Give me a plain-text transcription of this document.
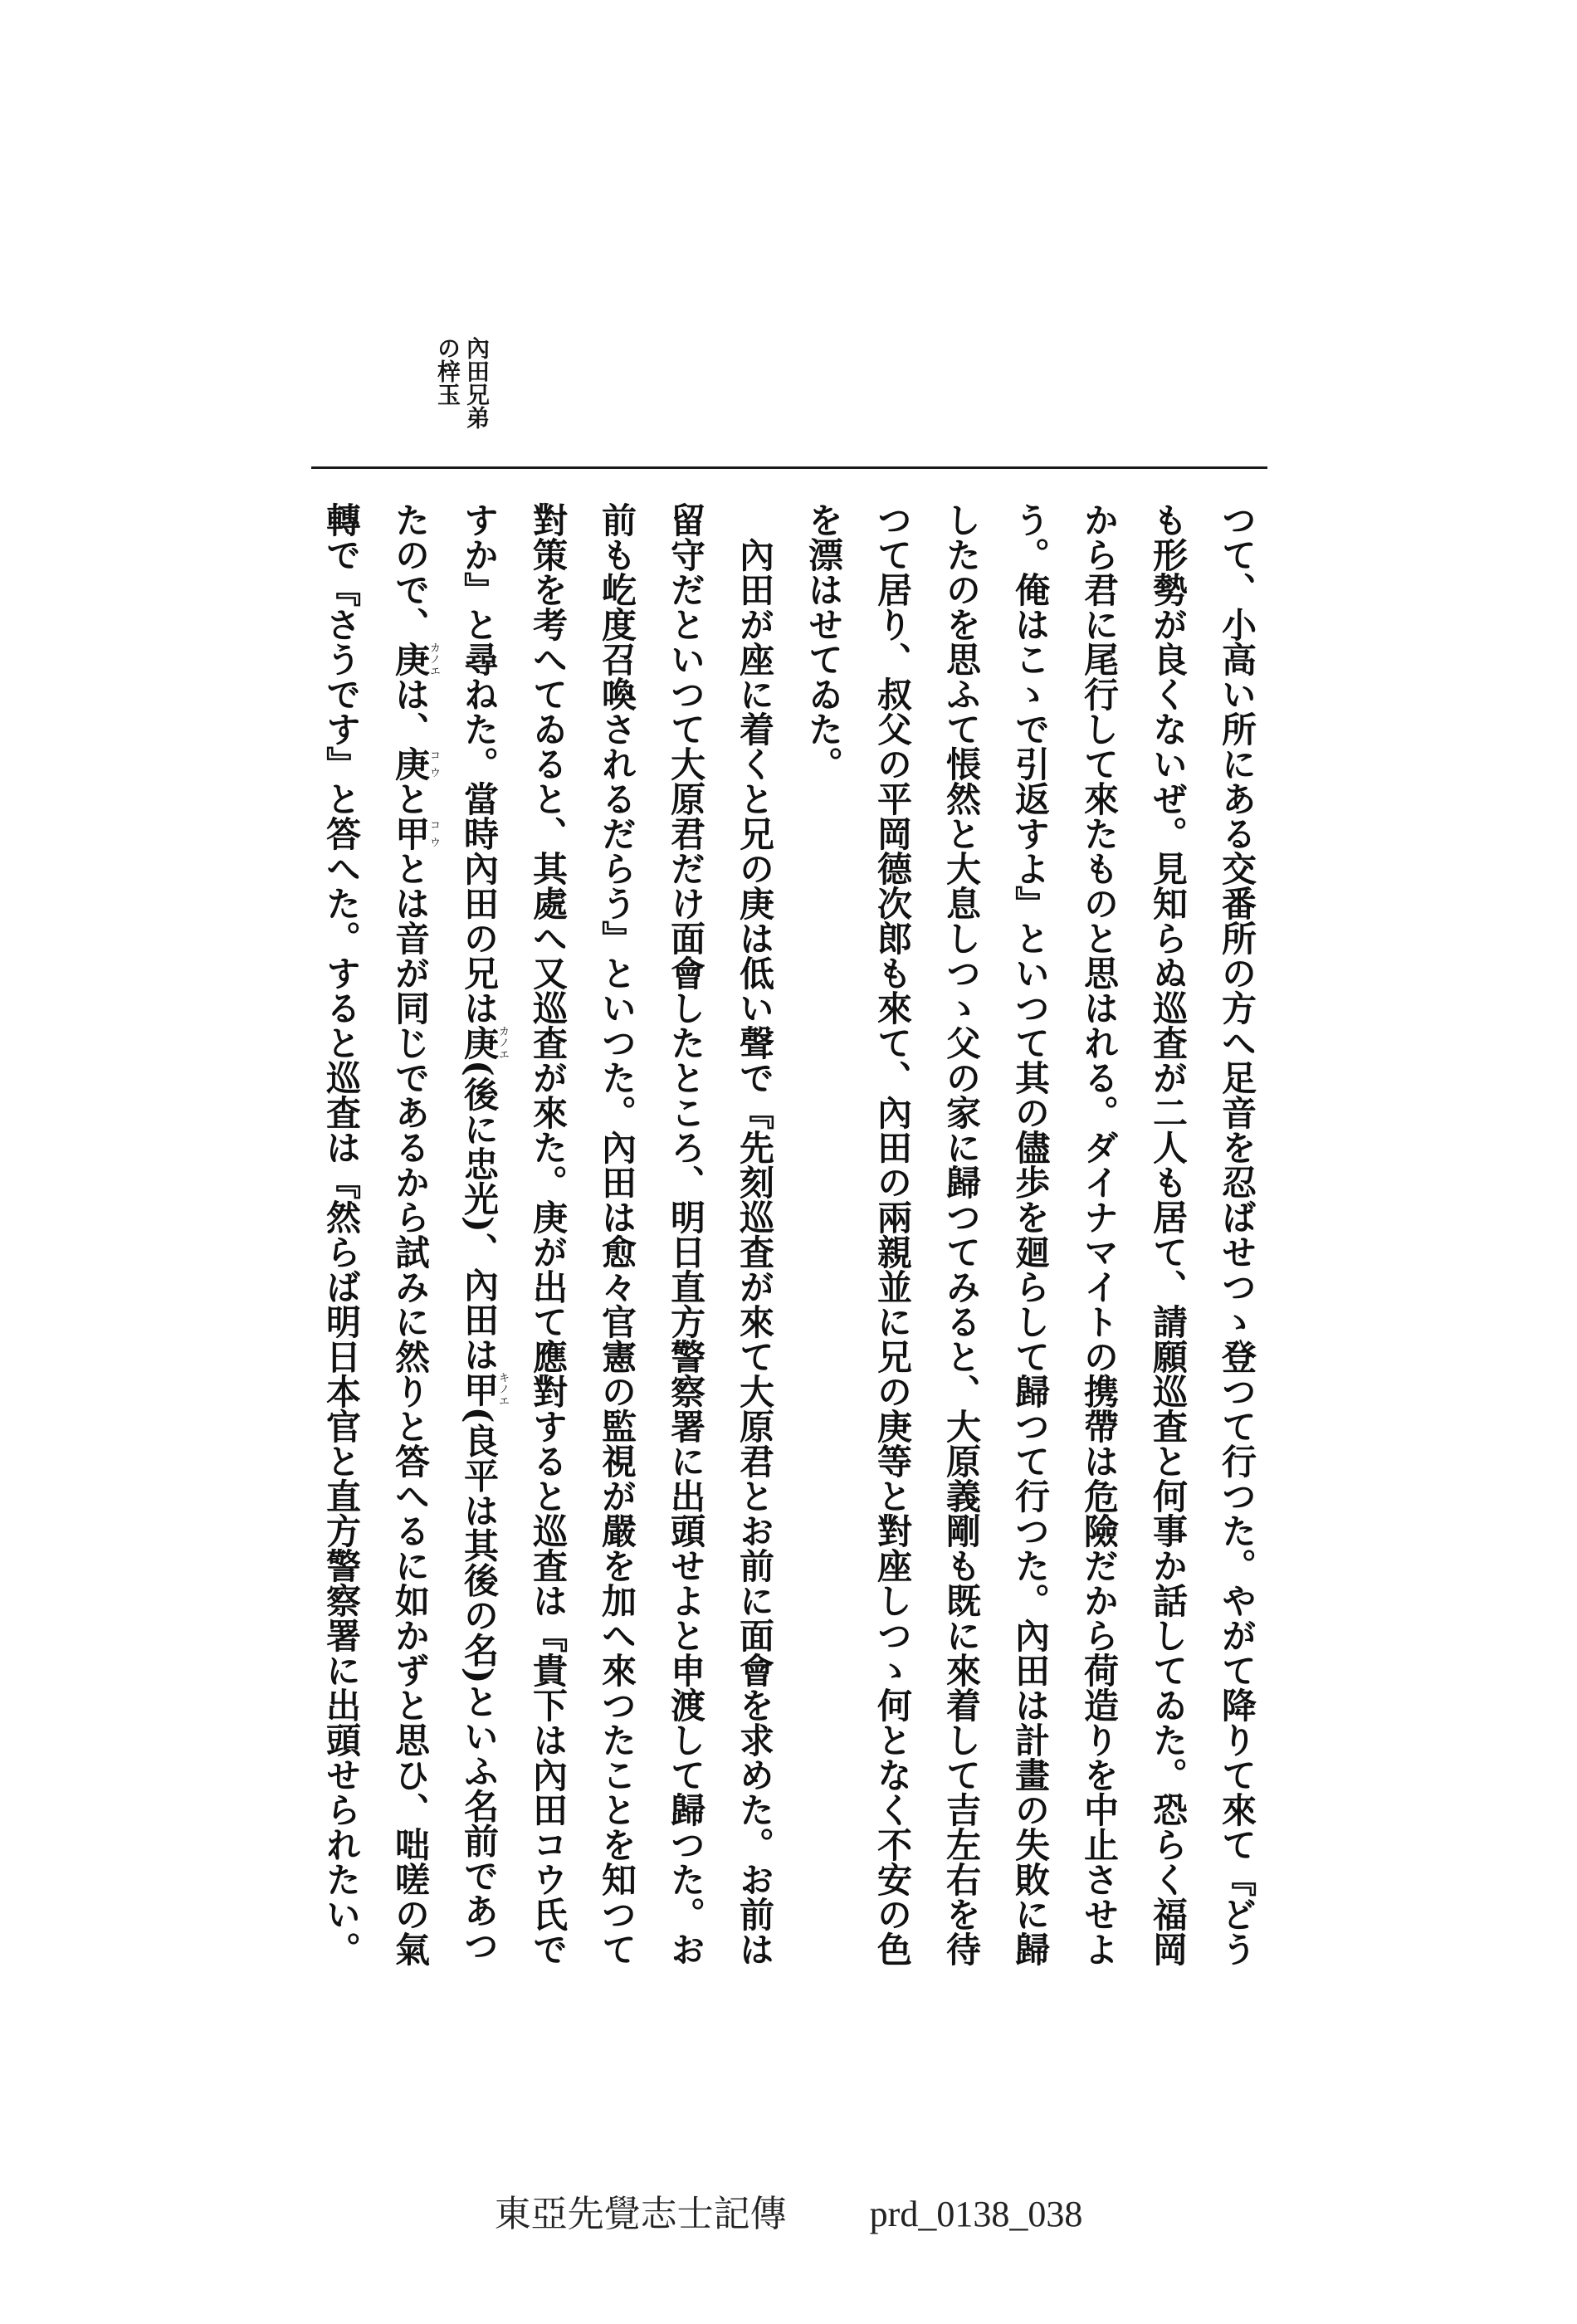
內田兄弟
の梓玉
つて、小高い所にある交番所の方へ足音を忍ばせつゝ登つて行つた。やがて降りて來て『どう
も形勢が良くないぜ。見知らぬ巡査が二人も居て、請願巡査と何事か話してゐた。恐らく福岡
から君に尾行して來たものと思はれる。ダイナマイトの携帶は危險だから荷造りを中止させよ
う。俺はこゝで引返すよ』といつて其の儘歩を廻らして歸つて行つた。內田は計畫の失敗に歸
したのを思ふて悵然と大息しつゝ父の家に歸つてみると、大原義剛も既に來着して吉左右を待
つて居り、叔父の平岡德次郎も來て、內田の兩親並に兄の庚等と對座しつゝ何となく不安の色
を漂はせてゐた。
　內田が座に着くと兄の庚は低い聲で『先刻巡査が來て大原君とお前に面會を求めた。お前は
留守だといつて大原君だけ面會したところ、明日直方警察署に出頭せよと申渡して歸つた。お
前も屹度召喚されるだらう』といつた。內田は愈々官憲の監視が嚴を加へ來つたことを知つて
對策を考へてゐると、其處へ又巡査が來た。庚が出て應對すると巡査は『貴下は內田コウ氏で
すか』と尋ねた。當時內田の兄は庚カノエ(後に忠光)、內田は甲キノエ(良平は其後の名)といふ名前であつ
たので、庚カノエは、庚コウと甲コウとは音が同じであるから試みに然りと答へるに如かずと思ひ、咄嗟の氣
轉で『さうです』と答へた。すると巡査は『然らば明日本官と直方警察署に出頭せられたい。
東亞先覺志士記傳 prd_0138_038
